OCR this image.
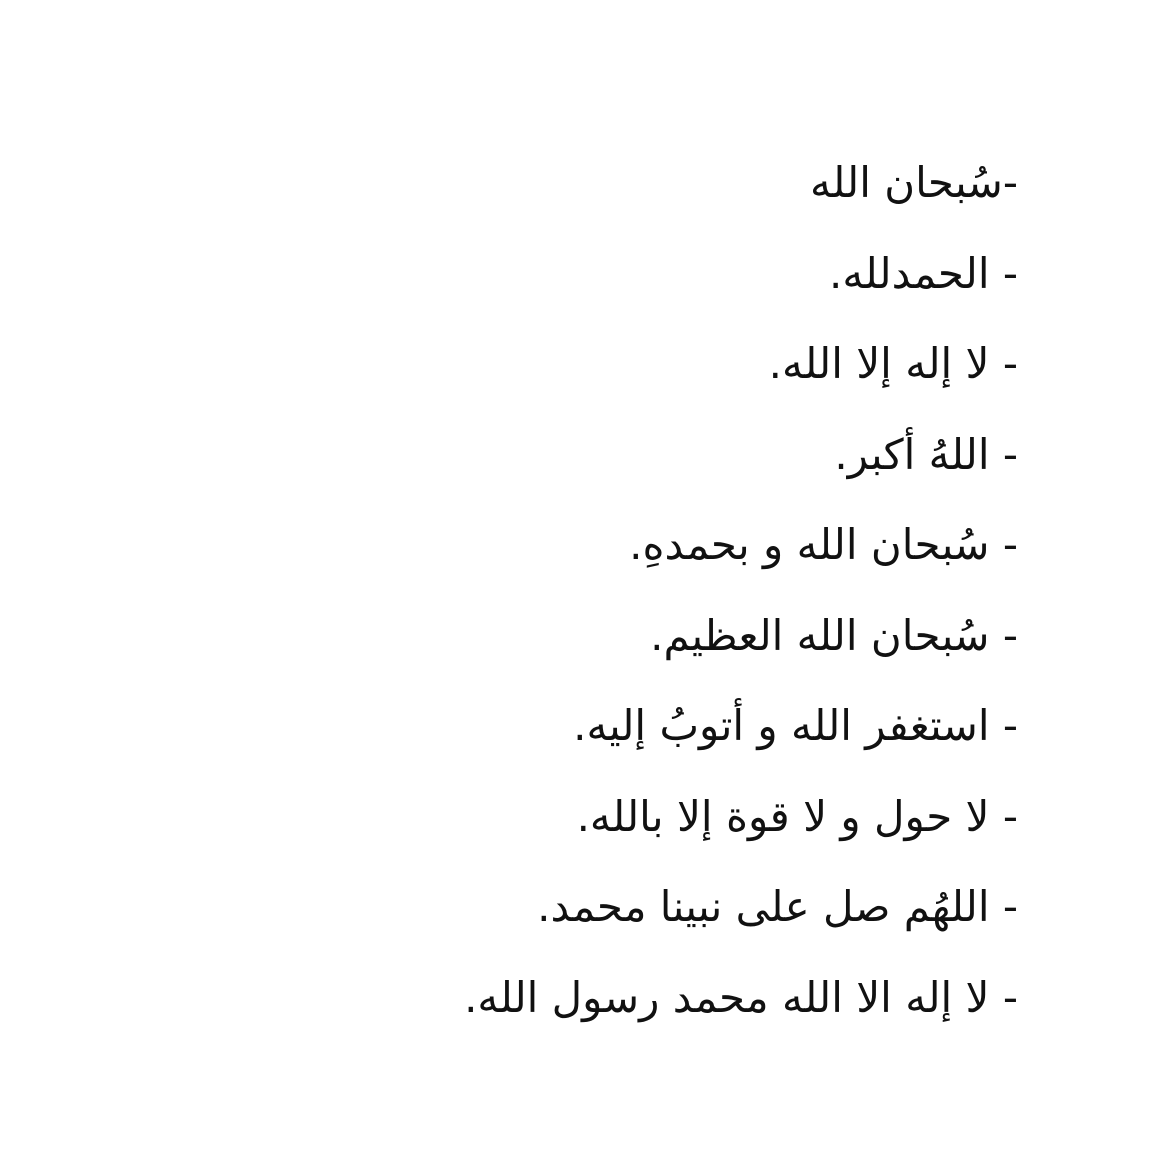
-سُبحان الله
- الحمدلله.
- لا إله إلا الله.
- اللهُ أكبر.
- سُبحان الله و بحمدهِ.
- سُبحان الله العظيم.
- استغفر الله و أتوبُ إليه.
- لا حول و لا قوة إلا بالله.
- اللهُم صل على نبينا محمد.
- لا إله الا الله محمد رسول الله.
